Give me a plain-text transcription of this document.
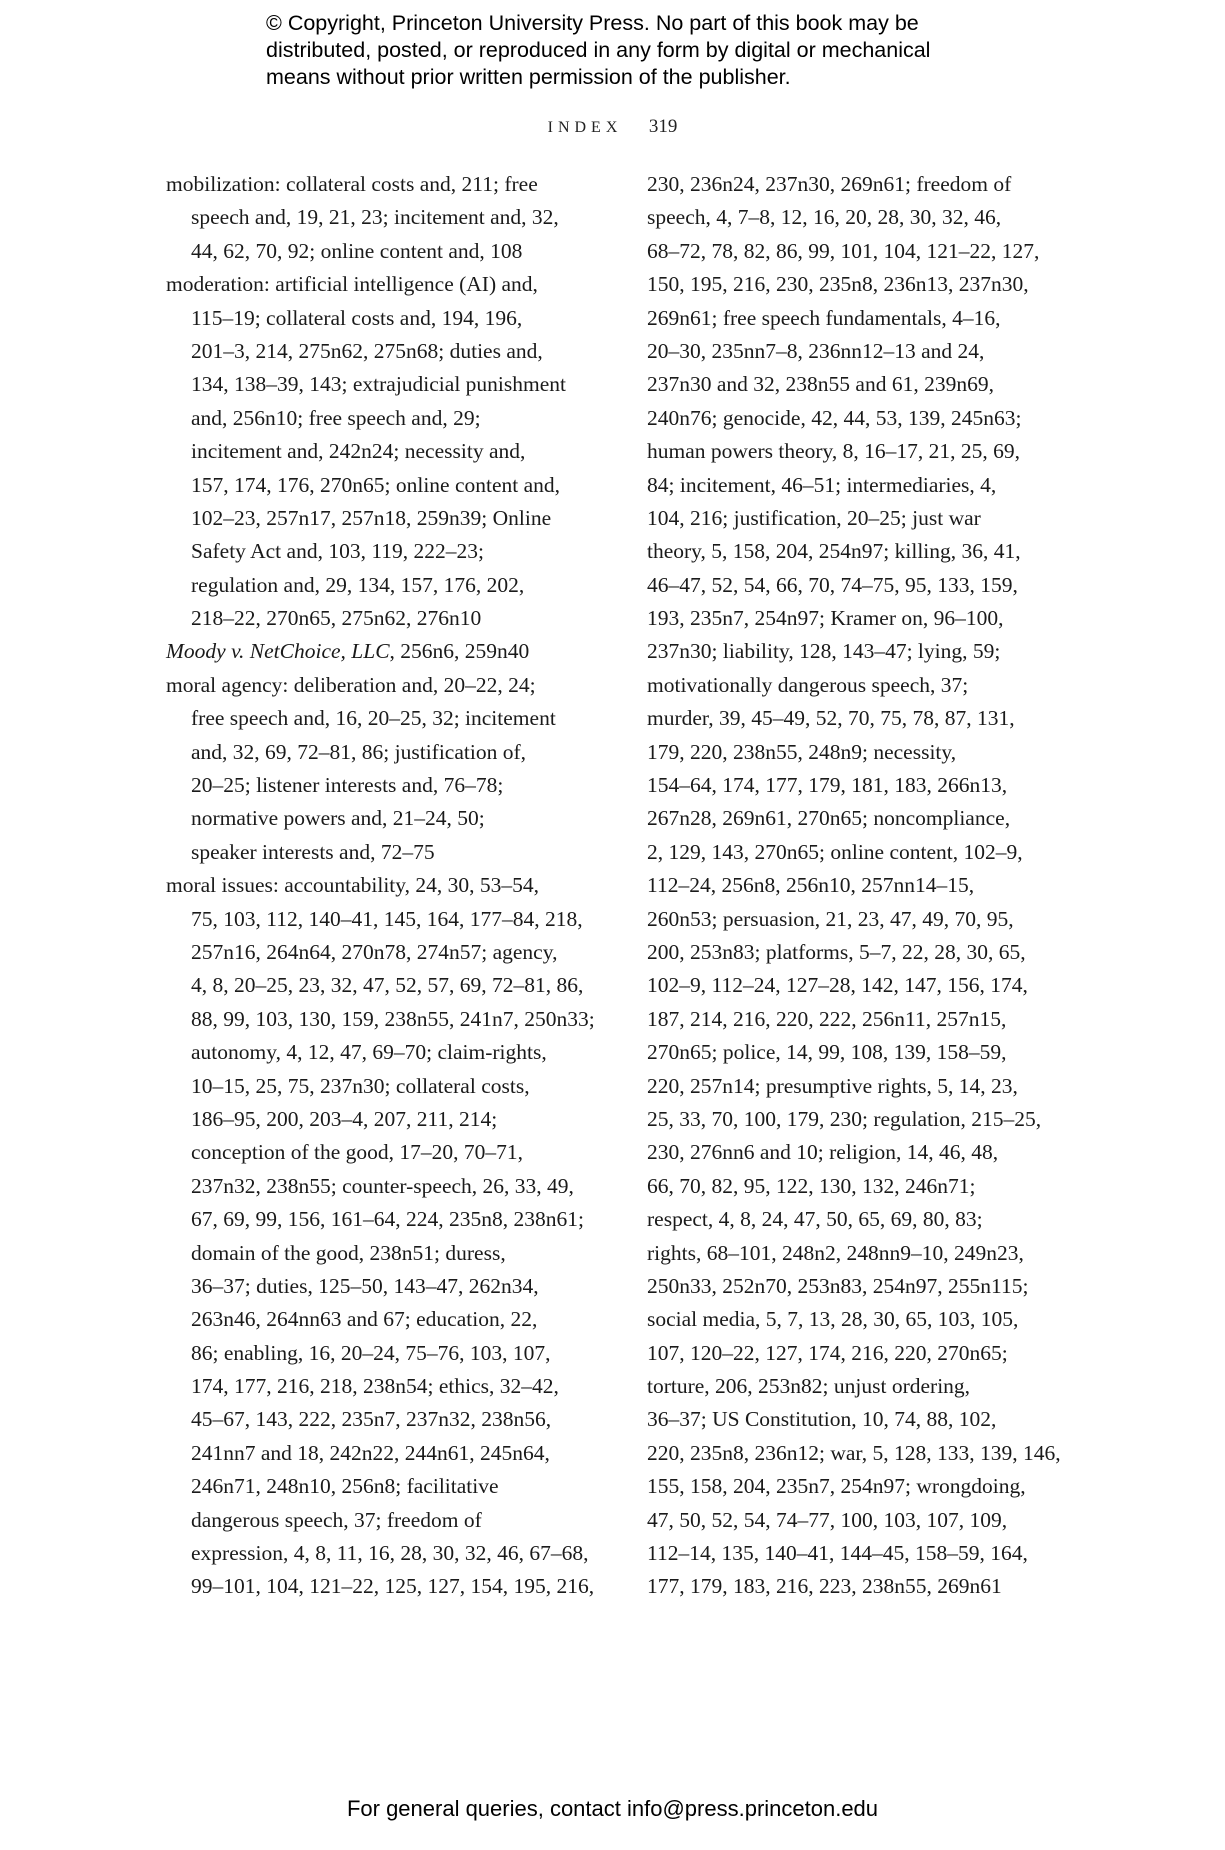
© Copyright, Princeton University Press. No part of this book may be
distributed, posted, or reproduced in any form by digital or mechanical
means without prior written permission of the publisher.
INDEX 319
mobilization: collateral costs and, 211; free
speech and, 19, 21, 23; incitement and, 32,
44, 62, 70, 92; online content and, 108
moderation: artificial intelligence (AI) and,
115–19; collateral costs and, 194, 196,
201–3, 214, 275n62, 275n68; duties and,
134, 138–39, 143; extrajudicial punishment
and, 256n10; free speech and, 29;
incitement and, 242n24; necessity and,
157, 174, 176, 270n65; online content and,
102–23, 257n17, 257n18, 259n39; Online
Safety Act and, 103, 119, 222–23;
regulation and, 29, 134, 157, 176, 202,
218–22, 270n65, 275n62, 276n10
Moody v. NetChoice, LLC, 256n6, 259n40
moral agency: deliberation and, 20–22, 24;
free speech and, 16, 20–25, 32; incitement
and, 32, 69, 72–81, 86; justification of,
20–25; listener interests and, 76–78;
normative powers and, 21–24, 50;
speaker interests and, 72–75
moral issues: accountability, 24, 30, 53–54,
75, 103, 112, 140–41, 145, 164, 177–84, 218,
257n16, 264n64, 270n78, 274n57; agency,
4, 8, 20–25, 23, 32, 47, 52, 57, 69, 72–81, 86,
88, 99, 103, 130, 159, 238n55, 241n7, 250n33;
autonomy, 4, 12, 47, 69–70; claim-rights,
10–15, 25, 75, 237n30; collateral costs,
186–95, 200, 203–4, 207, 211, 214;
conception of the good, 17–20, 70–71,
237n32, 238n55; counter-speech, 26, 33, 49,
67, 69, 99, 156, 161–64, 224, 235n8, 238n61;
domain of the good, 238n51; duress,
36–37; duties, 125–50, 143–47, 262n34,
263n46, 264nn63 and 67; education, 22,
86; enabling, 16, 20–24, 75–76, 103, 107,
174, 177, 216, 218, 238n54; ethics, 32–42,
45–67, 143, 222, 235n7, 237n32, 238n56,
241nn7 and 18, 242n22, 244n61, 245n64,
246n71, 248n10, 256n8; facilitative
dangerous speech, 37; freedom of
expression, 4, 8, 11, 16, 28, 30, 32, 46, 67–68,
99–101, 104, 121–22, 125, 127, 154, 195, 216,
230, 236n24, 237n30, 269n61; freedom of
speech, 4, 7–8, 12, 16, 20, 28, 30, 32, 46,
68–72, 78, 82, 86, 99, 101, 104, 121–22, 127,
150, 195, 216, 230, 235n8, 236n13, 237n30,
269n61; free speech fundamentals, 4–16,
20–30, 235nn7–8, 236nn12–13 and 24,
237n30 and 32, 238n55 and 61, 239n69,
240n76; genocide, 42, 44, 53, 139, 245n63;
human powers theory, 8, 16–17, 21, 25, 69,
84; incitement, 46–51; intermediaries, 4,
104, 216; justification, 20–25; just war
theory, 5, 158, 204, 254n97; killing, 36, 41,
46–47, 52, 54, 66, 70, 74–75, 95, 133, 159,
193, 235n7, 254n97; Kramer on, 96–100,
237n30; liability, 128, 143–47; lying, 59;
motivationally dangerous speech, 37;
murder, 39, 45–49, 52, 70, 75, 78, 87, 131,
179, 220, 238n55, 248n9; necessity,
154–64, 174, 177, 179, 181, 183, 266n13,
267n28, 269n61, 270n65; noncompliance,
2, 129, 143, 270n65; online content, 102–9,
112–24, 256n8, 256n10, 257nn14–15,
260n53; persuasion, 21, 23, 47, 49, 70, 95,
200, 253n83; platforms, 5–7, 22, 28, 30, 65,
102–9, 112–24, 127–28, 142, 147, 156, 174,
187, 214, 216, 220, 222, 256n11, 257n15,
270n65; police, 14, 99, 108, 139, 158–59,
220, 257n14; presumptive rights, 5, 14, 23,
25, 33, 70, 100, 179, 230; regulation, 215–25,
230, 276nn6 and 10; religion, 14, 46, 48,
66, 70, 82, 95, 122, 130, 132, 246n71;
respect, 4, 8, 24, 47, 50, 65, 69, 80, 83;
rights, 68–101, 248n2, 248nn9–10, 249n23,
250n33, 252n70, 253n83, 254n97, 255n115;
social media, 5, 7, 13, 28, 30, 65, 103, 105,
107, 120–22, 127, 174, 216, 220, 270n65;
torture, 206, 253n82; unjust ordering,
36–37; US Constitution, 10, 74, 88, 102,
220, 235n8, 236n12; war, 5, 128, 133, 139, 146,
155, 158, 204, 235n7, 254n97; wrongdoing,
47, 50, 52, 54, 74–77, 100, 103, 107, 109,
112–14, 135, 140–41, 144–45, 158–59, 164,
177, 179, 183, 216, 223, 238n55, 269n61
For general queries, contact info@press.princeton.edu
